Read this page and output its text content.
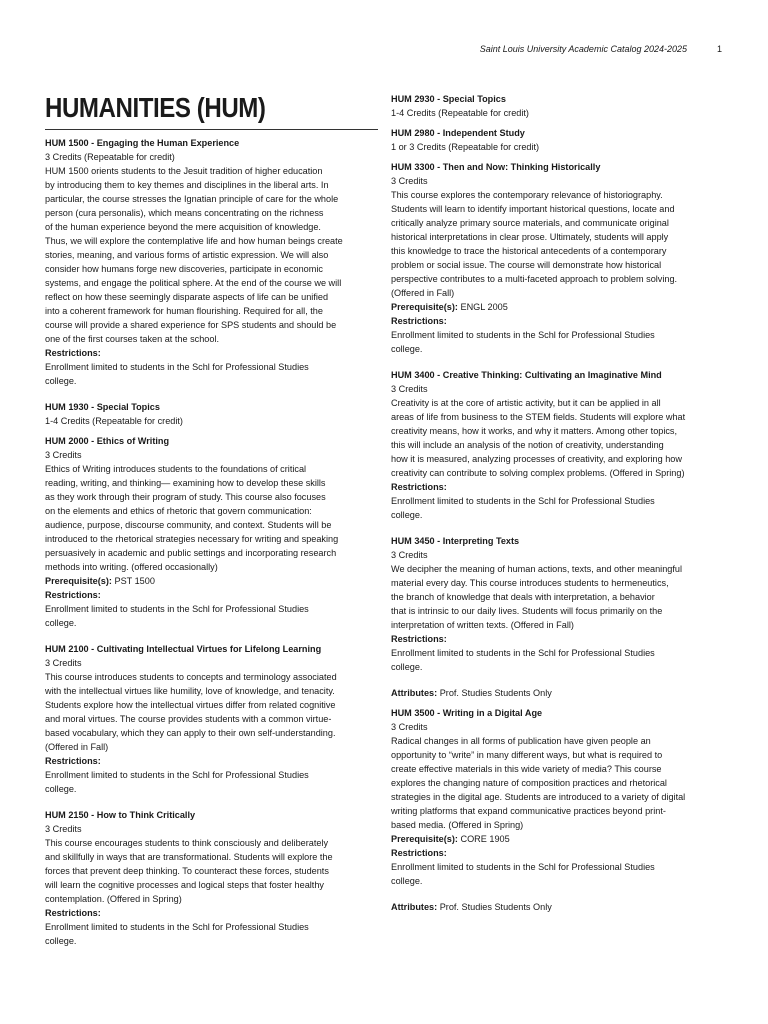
Saint Louis University Academic Catalog 2024-2025	1
HUMANITIES (HUM)
HUM 1500 - Engaging the Human Experience
3 Credits (Repeatable for credit)
HUM 1500 orients students to the Jesuit tradition of higher education
by introducing them to key themes and disciplines in the liberal arts. In
particular, the course stresses the Ignatian principle of care for the whole
person (cura personalis), which means concentrating on the richness
of the human experience beyond the mere acquisition of knowledge.
Thus, we will explore the contemplative life and how human beings create
stories, meaning, and various forms of artistic expression. We will also
consider how humans forge new discoveries, participate in economic
systems, and engage the political sphere. At the end of the course we will
reflect on how these seemingly disparate aspects of life can be unified
into a coherent framework for human flourishing. Required for all, the
course will provide a shared experience for SPS students and should be
one of the first courses taken at the school.
Restrictions:
Enrollment limited to students in the Schl for Professional Studies
college.
HUM 1930 - Special Topics
1-4 Credits (Repeatable for credit)
HUM 2000 - Ethics of Writing
3 Credits
Ethics of Writing introduces students to the foundations of critical
reading, writing, and thinking— examining how to develop these skills
as they work through their program of study. This course also focuses
on the elements and ethics of rhetoric that govern communication:
audience, purpose, discourse community, and context. Students will be
introduced to the rhetorical strategies necessary for writing and speaking
persuasively in academic and public settings and incorporating research
methods into writing. (offered occasionally)
Prerequisite(s): PST 1500
Restrictions:
Enrollment limited to students in the Schl for Professional Studies
college.
HUM 2100 - Cultivating Intellectual Virtues for Lifelong Learning
3 Credits
This course introduces students to concepts and terminology associated
with the intellectual virtues like humility, love of knowledge, and tenacity.
Students explore how the intellectual virtues differ from related cognitive
and moral virtues. The course provides students with a common virtue-
based vocabulary, which they can apply to their own self-understanding.
(Offered in Fall)
Restrictions:
Enrollment limited to students in the Schl for Professional Studies
college.
HUM 2150 - How to Think Critically
3 Credits
This course encourages students to think consciously and deliberately
and skillfully in ways that are transformational. Students will explore the
forces that prevent deep thinking. To counteract these forces, students
will learn the cognitive processes and logical steps that foster healthy
contemplation. (Offered in Spring)
Restrictions:
Enrollment limited to students in the Schl for Professional Studies
college.
HUM 2930 - Special Topics
1-4 Credits (Repeatable for credit)
HUM 2980 - Independent Study
1 or 3 Credits (Repeatable for credit)
HUM 3300 - Then and Now: Thinking Historically
3 Credits
This course explores the contemporary relevance of historiography.
Students will learn to identify important historical questions, locate and
critically analyze primary source materials, and communicate original
historical interpretations in clear prose. Ultimately, students will apply
this knowledge to trace the historical antecedents of a contemporary
problem or social issue. The course will demonstrate how historical
perspective contributes to a multi-faceted approach to problem solving.
(Offered in Fall)
Prerequisite(s): ENGL 2005
Restrictions:
Enrollment limited to students in the Schl for Professional Studies
college.
HUM 3400 - Creative Thinking: Cultivating an Imaginative Mind
3 Credits
Creativity is at the core of artistic activity, but it can be applied in all
areas of life from business to the STEM fields. Students will explore what
creativity means, how it works, and why it matters. Among other topics,
this will include an analysis of the notion of creativity, understanding
how it is measured, analyzing processes of creativity, and exploring how
creativity can contribute to solving complex problems. (Offered in Spring)
Restrictions:
Enrollment limited to students in the Schl for Professional Studies
college.
HUM 3450 - Interpreting Texts
3 Credits
We decipher the meaning of human actions, texts, and other meaningful
material every day. This course introduces students to hermeneutics,
the branch of knowledge that deals with interpretation, a behavior
that is intrinsic to our daily lives. Students will focus primarily on the
interpretation of written texts. (Offered in Fall)
Restrictions:
Enrollment limited to students in the Schl for Professional Studies
college.
Attributes: Prof. Studies Students Only
HUM 3500 - Writing in a Digital Age
3 Credits
Radical changes in all forms of publication have given people an
opportunity to “write” in many different ways, but what is required to
create effective materials in this wide variety of media? This course
explores the changing nature of composition practices and rhetorical
strategies in the digital age. Students are introduced to a variety of digital
writing platforms that expand communicative practices beyond print-
based media. (Offered in Spring)
Prerequisite(s): CORE 1905
Restrictions:
Enrollment limited to students in the Schl for Professional Studies
college.
Attributes: Prof. Studies Students Only
